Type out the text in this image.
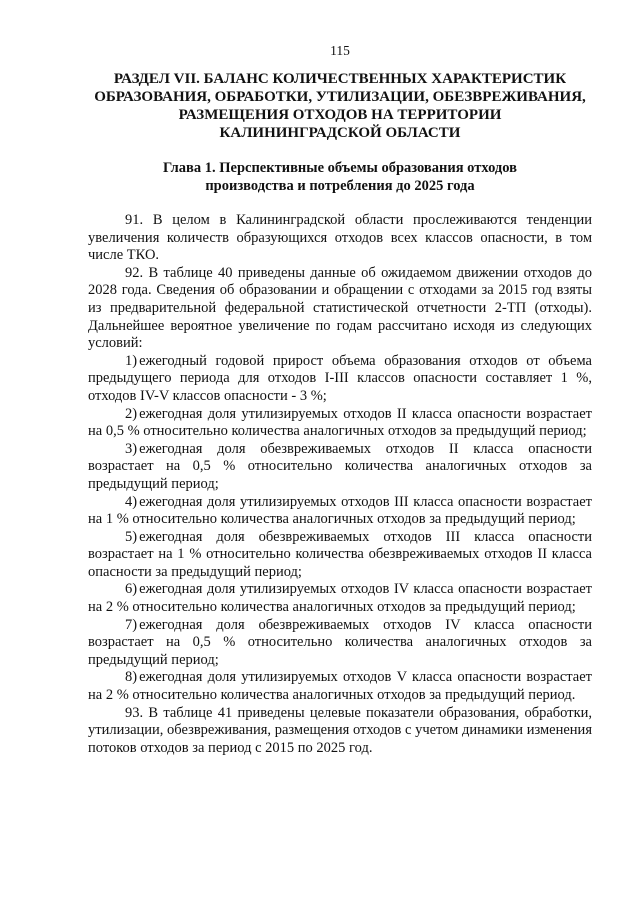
115
РАЗДЕЛ VII. БАЛАНС КОЛИЧЕСТВЕННЫХ ХАРАКТЕРИСТИК
ОБРАЗОВАНИЯ, ОБРАБОТКИ, УТИЛИЗАЦИИ, ОБЕЗВРЕЖИВАНИЯ,
РАЗМЕЩЕНИЯ ОТХОДОВ НА ТЕРРИТОРИИ
КАЛИНИНГРАДСКОЙ ОБЛАСТИ
Глава 1. Перспективные объемы образования отходов
производства и потребления до 2025 года

91. В целом в Калининградской области прослеживаются тенденции увеличения количеств образующихся отходов всех классов опасности, в том числе ТКО.

92. В таблице 40 приведены данные об ожидаемом движении отходов до 2028 года. Сведения об образовании и обращении с отходами за 2015 год взяты из предварительной федеральной статистической отчетности 2-ТП (отходы). Дальнейшее вероятное увеличение по годам рассчитано исходя из следующих условий:

1) ежегодный годовой прирост объема образования отходов от объема предыдущего периода для отходов I-III классов опасности составляет 1 %, отходов IV-V классов опасности - 3 %;

2) ежегодная доля утилизируемых отходов II класса опасности возрастает на 0,5 % относительно количества аналогичных отходов за предыдущий период;

3) ежегодная доля обезвреживаемых отходов II класса опасности возрастает на 0,5 % относительно количества аналогичных отходов за предыдущий период;

4) ежегодная доля утилизируемых отходов III класса опасности возрастает на 1 % относительно количества аналогичных отходов за предыдущий период;

5) ежегодная доля обезвреживаемых отходов III класса опасности возрастает на 1 % относительно количества обезвреживаемых отходов II класса опасности за предыдущий период;

6) ежегодная доля утилизируемых отходов IV класса опасности возрастает на 2 % относительно количества аналогичных отходов за предыдущий период;

7) ежегодная доля обезвреживаемых отходов IV класса опасности возрастает на 0,5 % относительно количества аналогичных отходов за предыдущий период;

8) ежегодная доля утилизируемых отходов V класса опасности возрастает на 2 % относительно количества аналогичных отходов за предыдущий период.

93. В таблице 41 приведены целевые показатели образования, обработки, утилизации, обезвреживания, размещения отходов с учетом динамики изменения потоков отходов за период с 2015 по 2025 год.
